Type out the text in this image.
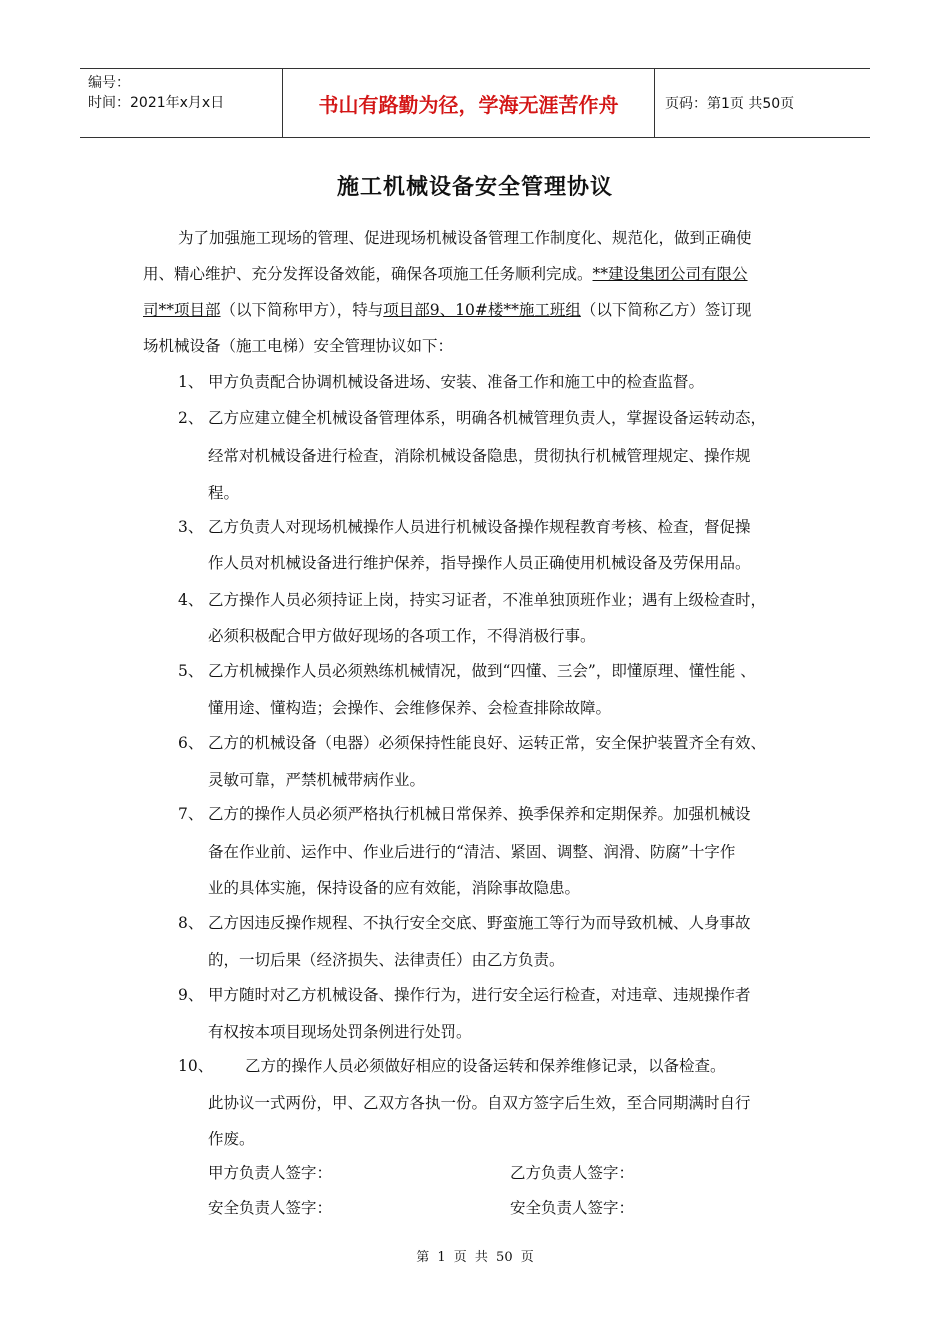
编号：
时间：2021年x月x日	书山有路勤为径，学海无涯苦作舟	页码：第1页 共50页
施工机械设备安全管理协议
为了加强施工现场的管理、促进现场机械设备管理工作制度化、规范化，做到正确使
用、精心维护、充分发挥设备效能，确保各项施工任务顺利完成。**建设集团公司有限公
司**项目部（以下简称甲方），特与项目部9、10#楼**施工班组（以下简称乙方）签订现
场机械设备（施工电梯）安全管理协议如下：
1、 甲方负责配合协调机械设备进场、安装、准备工作和施工中的检查监督。
2、 乙方应建立健全机械设备管理体系，明确各机械管理负责人，掌握设备运转动态，
经常对机械设备进行检查，消除机械设备隐患，贯彻执行机械管理规定、操作规
程。
3、 乙方负责人对现场机械操作人员进行机械设备操作规程教育考核、检查，督促操
作人员对机械设备进行维护保养，指导操作人员正确使用机械设备及劳保用品。
4、 乙方操作人员必须持证上岗，持实习证者，不准单独顶班作业；遇有上级检查时，
必须积极配合甲方做好现场的各项工作，不得消极行事。
5、 乙方机械操作人员必须熟练机械情况，做到“四懂、三会”，即懂原理、懂性能 、
懂用途、懂构造；会操作、会维修保养、会检查排除故障。
6、 乙方的机械设备（电器）必须保持性能良好、运转正常，安全保护装置齐全有效、
灵敏可靠，严禁机械带病作业。
7、 乙方的操作人员必须严格执行机械日常保养、换季保养和定期保养。加强机械设
备在作业前、运作中、作业后进行的“清洁、紧固、调整、润滑、防腐”十字作
业的具体实施，保持设备的应有效能，消除事故隐患。
8、 乙方因违反操作规程、不执行安全交底、野蛮施工等行为而导致机械、人身事故
的，一切后果（经济损失、法律责任）由乙方负责。
9、 甲方随时对乙方机械设备、操作行为，进行安全运行检查，对违章、违规操作者
有权按本项目现场处罚条例进行处罚。
10、 乙方的操作人员必须做好相应的设备运转和保养维修记录，以备检查。
此协议一式两份，甲、乙双方各执一份。自双方签字后生效，至合同期满时自行
作废。
甲方负责人签字：	乙方负责人签字：
安全负责人签字：	安全负责人签字：
第 1 页 共 50 页
